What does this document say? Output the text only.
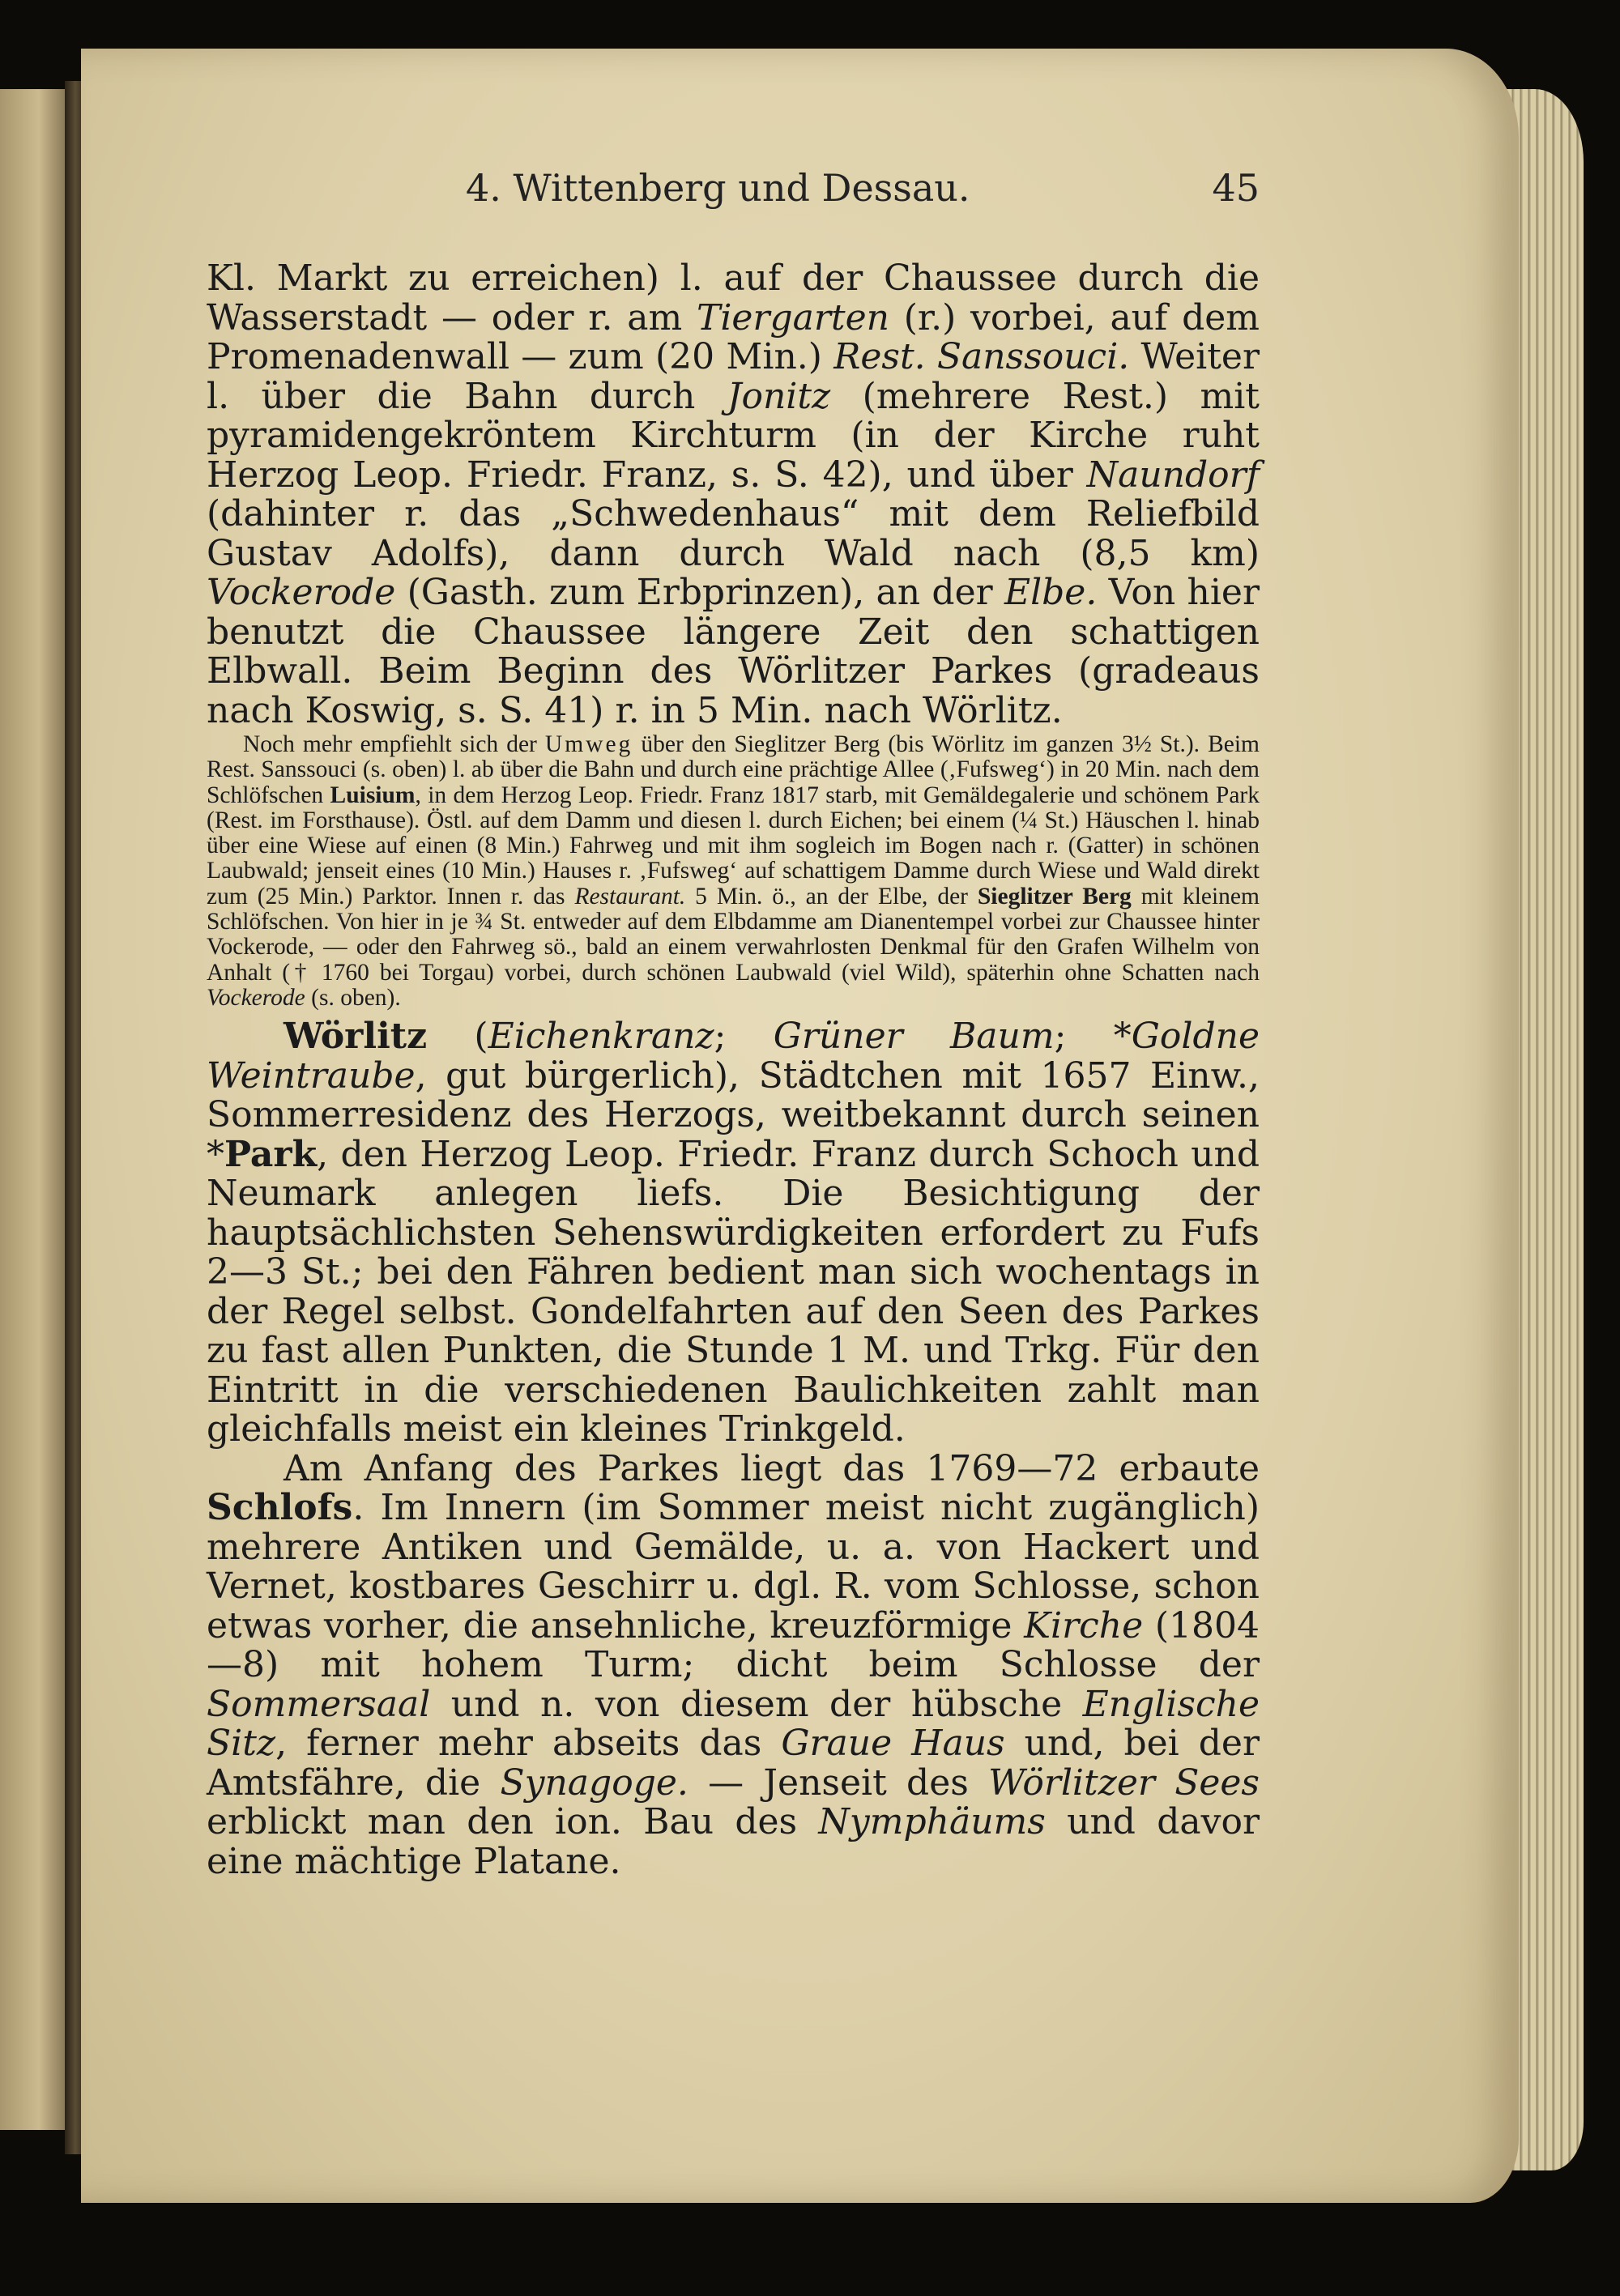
4. Wittenberg und Dessau.	45

Kl. Markt zu erreichen) l. auf der Chaussee durch die Wasserstadt — oder r. am Tiergarten (r.) vorbei, auf dem Promenadenwall — zum (20 Min.) Rest. Sanssouci. Weiter l. über die Bahn durch Jonitz (mehrere Rest.) mit pyramidengekröntem Kirchturm (in der Kirche ruht Herzog Leop. Friedr. Franz, s. S. 42), und über Naundorf (dahinter r. das „Schwedenhaus“ mit dem Reliefbild Gustav Adolfs), dann durch Wald nach (8,5 km) Vockerode (Gasth. zum Erbprinzen), an der Elbe. Von hier benutzt die Chaussee längere Zeit den schattigen Elbwall. Beim Beginn des Wörlitzer Parkes (gradeaus nach Koswig, s. S. 41) r. in 5 Min. nach Wörlitz.

Noch mehr empfiehlt sich der Umweg über den Sieglitzer Berg (bis Wörlitz im ganzen 3½ St.). Beim Rest. Sanssouci (s. oben) l. ab über die Bahn und durch eine prächtige Allee (‚Fufsweg‘) in 20 Min. nach dem Schlöfschen Luisium, in dem Herzog Leop. Friedr. Franz 1817 starb, mit Gemäldegalerie und schönem Park (Rest. im Forsthause). Östl. auf dem Damm und diesen l. durch Eichen; bei einem (¼ St.) Häuschen l. hinab über eine Wiese auf einen (8 Min.) Fahrweg und mit ihm sogleich im Bogen nach r. (Gatter) in schönen Laubwald; jenseit eines (10 Min.) Hauses r. ‚Fufsweg‘ auf schattigem Damme durch Wiese und Wald direkt zum (25 Min.) Parktor. Innen r. das Restaurant. 5 Min. ö., an der Elbe, der Sieglitzer Berg mit kleinem Schlöfschen. Von hier in je ¾ St. entweder auf dem Elbdamme am Dianentempel vorbei zur Chaussee hinter Vockerode, — oder den Fahrweg sö., bald an einem verwahrlosten Denkmal für den Grafen Wilhelm von Anhalt († 1760 bei Torgau) vorbei, durch schönen Laubwald (viel Wild), späterhin ohne Schatten nach Vockerode (s. oben).

Wörlitz (Eichenkranz; Grüner Baum; *Goldne Weintraube, gut bürgerlich), Städtchen mit 1657 Einw., Sommerresidenz des Herzogs, weitbekannt durch seinen *Park, den Herzog Leop. Friedr. Franz durch Schoch und Neumark anlegen liefs. Die Besichtigung der hauptsächlichsten Sehenswürdigkeiten erfordert zu Fufs 2—3 St.; bei den Fähren bedient man sich wochentags in der Regel selbst. Gondelfahrten auf den Seen des Parkes zu fast allen Punkten, die Stunde 1 M. und Trkg. Für den Eintritt in die verschiedenen Baulichkeiten zahlt man gleichfalls meist ein kleines Trinkgeld.

Am Anfang des Parkes liegt das 1769—72 erbaute Schlofs. Im Innern (im Sommer meist nicht zugänglich) mehrere Antiken und Gemälde, u. a. von Hackert und Vernet, kostbares Geschirr u. dgl. R. vom Schlosse, schon etwas vorher, die ansehnliche, kreuzförmige Kirche (1804—8) mit hohem Turm; dicht beim Schlosse der Sommersaal und n. von diesem der hübsche Englische Sitz, ferner mehr abseits das Graue Haus und, bei der Amtsfähre, die Synagoge. — Jenseit des Wörlitzer Sees erblickt man den ion. Bau des Nymphäums und davor eine mächtige Platane.
